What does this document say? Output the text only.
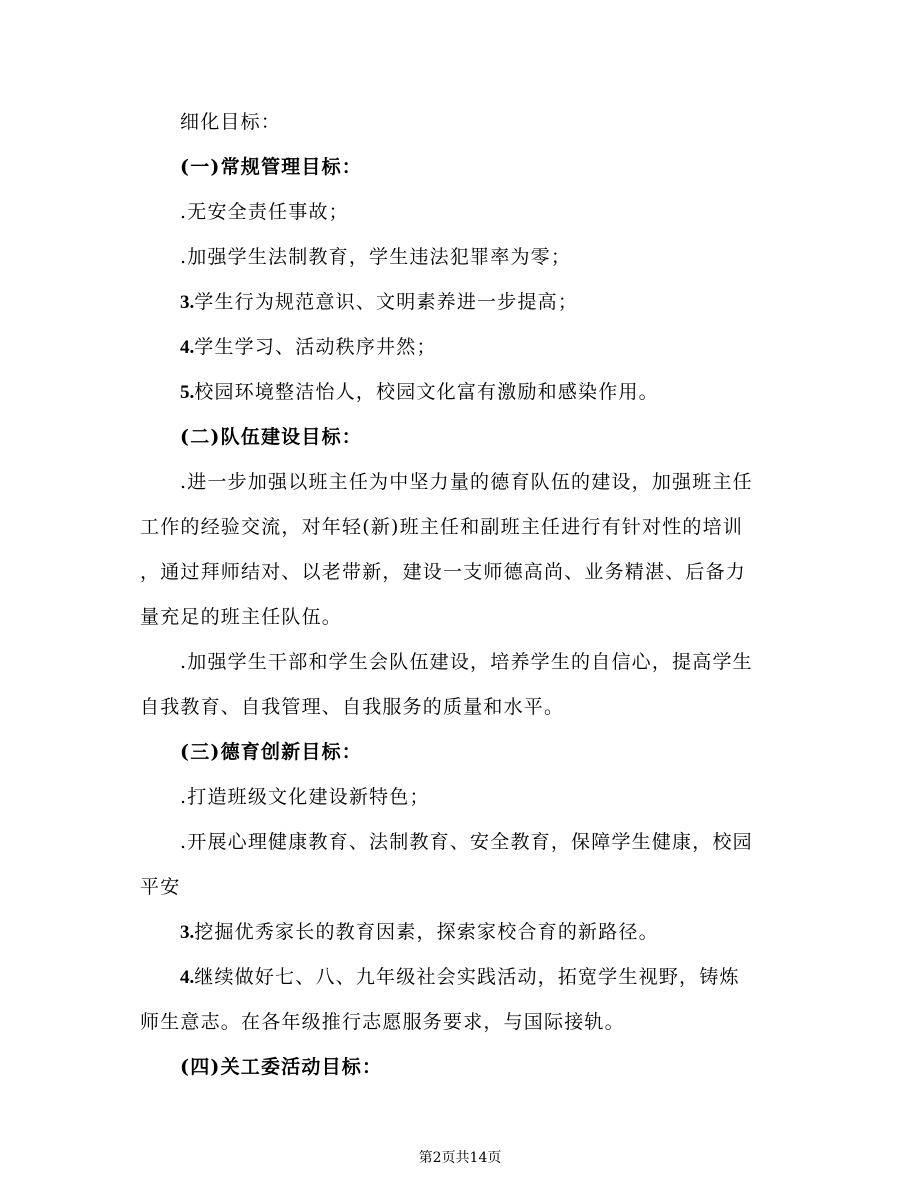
细化目标：
(一)常规管理目标：
.无安全责任事故；
.加强学生法制教育，学生违法犯罪率为零；
3.学生行为规范意识、文明素养进一步提高；
4.学生学习、活动秩序井然；
5.校园环境整洁怡人，校园文化富有激励和感染作用。
(二)队伍建设目标：
.进一步加强以班主任为中坚力量的德育队伍的建设，加强班主任
工作的经验交流，对年轻(新)班主任和副班主任进行有针对性的培训
，通过拜师结对、以老带新，建设一支师德高尚、业务精湛、后备力
量充足的班主任队伍。
.加强学生干部和学生会队伍建设，培养学生的自信心，提高学生
自我教育、自我管理、自我服务的质量和水平。
(三)德育创新目标：
.打造班级文化建设新特色；
.开展心理健康教育、法制教育、安全教育，保障学生健康，校园
平安
3.挖掘优秀家长的教育因素，探索家校合育的新路径。
4.继续做好七、八、九年级社会实践活动，拓宽学生视野，铸炼
师生意志。在各年级推行志愿服务要求，与国际接轨。
(四)关工委活动目标：
第2页共14页
